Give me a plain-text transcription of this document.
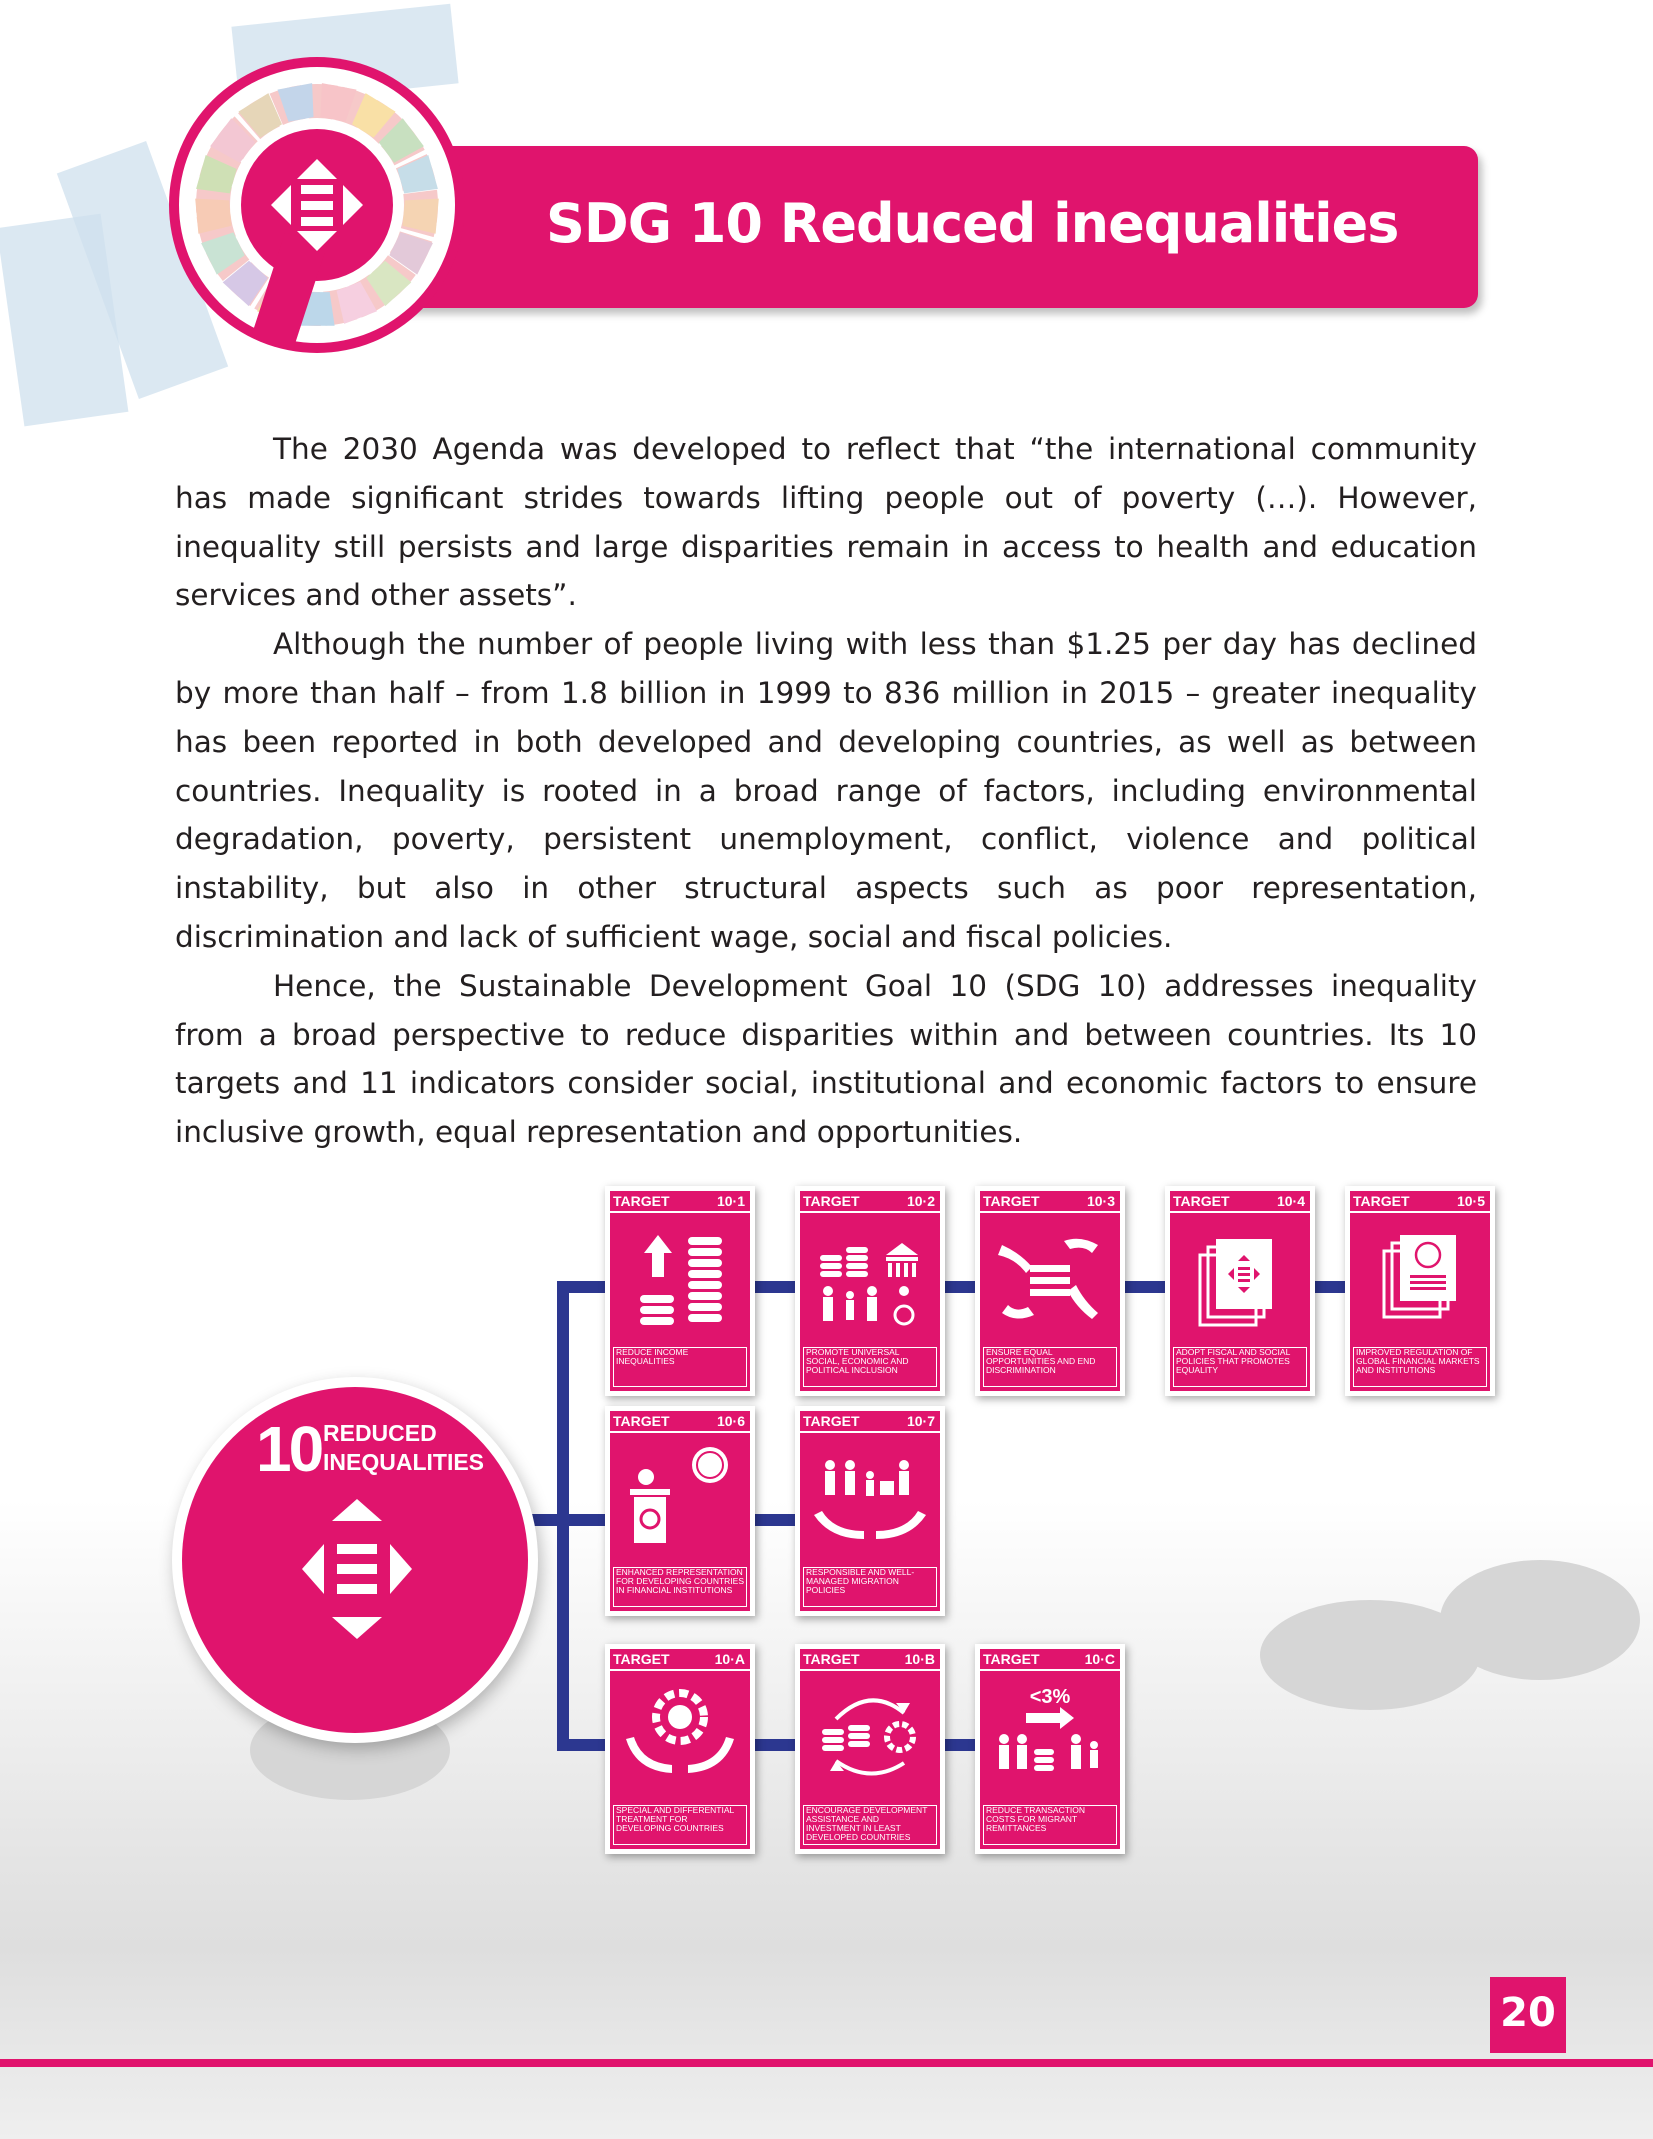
SDG 10 Reduced inequalities

The 2030 Agenda was developed to reflect that “the international community has made significant strides towards lifting people out of poverty (…). However, inequality still persists and large disparities remain in access to health and education services and other assets”.

Although the number of people living with less than $1.25 per day has declined by more than half – from 1.8 billion in 1999 to 836 million in 2015 – greater inequality has been reported in both developed and developing countries, as well as between countries. Inequality is rooted in a broad range of factors, including environmental degradation, poverty, persistent unemployment, conflict, violence and political instability, but also in other structural aspects such as poor representation, discrimination and lack of sufficient wage, social and fiscal policies.

Hence, the Sustainable Development Goal 10 (SDG 10) addresses inequality from a broad perspective to reduce disparities within and between countries. Its 10 targets and 11 indicators consider social, institutional and economic factors to ensure inclusive growth, equal representation and opportunities.

10 REDUCED
INEQUALITIES
TARGET	10·1
REDUCE INCOME INEQUALITIES
TARGET	10·2
PROMOTE UNIVERSAL SOCIAL, ECONOMIC AND POLITICAL INCLUSION
TARGET	10·3
ENSURE EQUAL OPPORTUNITIES AND END DISCRIMINATION
TARGET	10·4
ADOPT FISCAL AND SOCIAL POLICIES THAT PROMOTES EQUALITY
TARGET	10·5
IMPROVED REGULATION OF GLOBAL FINANCIAL MARKETS AND INSTITUTIONS
TARGET	10·6
ENHANCED REPRESENTATION FOR DEVELOPING COUNTRIES IN FINANCIAL INSTITUTIONS
TARGET	10·7
RESPONSIBLE AND WELL-MANAGED MIGRATION POLICIES
TARGET	10·A
SPECIAL AND DIFFERENTIAL TREATMENT FOR DEVELOPING COUNTRIES
TARGET	10·B
ENCOURAGE DEVELOPMENT ASSISTANCE AND INVESTMENT IN LEAST DEVELOPED COUNTRIES
TARGET	10·C
<3%
REDUCE TRANSACTION COSTS FOR MIGRANT REMITTANCES
20
